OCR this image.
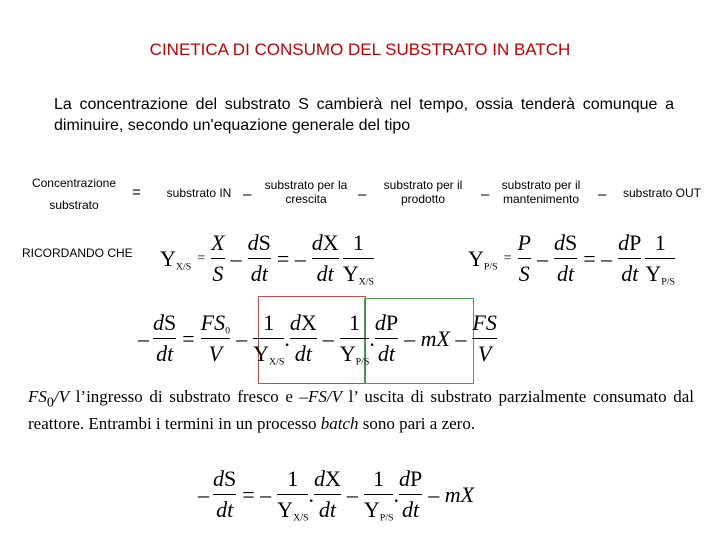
CINETICA DI CONSUMO DEL SUBSTRATO IN BATCH
La concentrazione del substrato S cambierà nel tempo, ossia tenderà comunque a diminuire, secondo un'equazione generale del tipo
Concentrazione
substrato
=	substrato IN –
substrato per la crescita	–
substrato per il prodotto	–
substrato per il mantenimento	–	substrato OUT
RICORDANDO CHE $Y_{X/S}$
= $\frac{X}{S} - \frac{dS}{dt}$ = – $\frac{dX}{dt} \frac{1}{Y_{X/S}}$	$Y_{P/S}$
= $\frac{P}{S} - \frac{dS}{dt}$ = – $\frac{dP}{dt} \frac{1}{Y_{P/S}}$
– $\frac{dS}{dt} = \frac{FS_0}{V} - \frac{1}{Y_{X/S}}$ . $\frac{dX}{dt} - \frac{1}{Y_{P/S}}$ . $\frac{dP}{dt}$ – mX – $\frac{FS}{V}$
$FS_0/V$ l’ingresso di substrato fresco e –FS/V l’ uscita di substrato parzialmente consumato dal reattore. Entrambi i termini in un processo batch sono pari a zero.
– $\frac{dS}{dt}$ = – $\frac{1}{Y_{X/S}}$ . $\frac{dX}{dt} - \frac{1}{Y_{P/S}}$ . $\frac{dP}{dt}$ – mX
